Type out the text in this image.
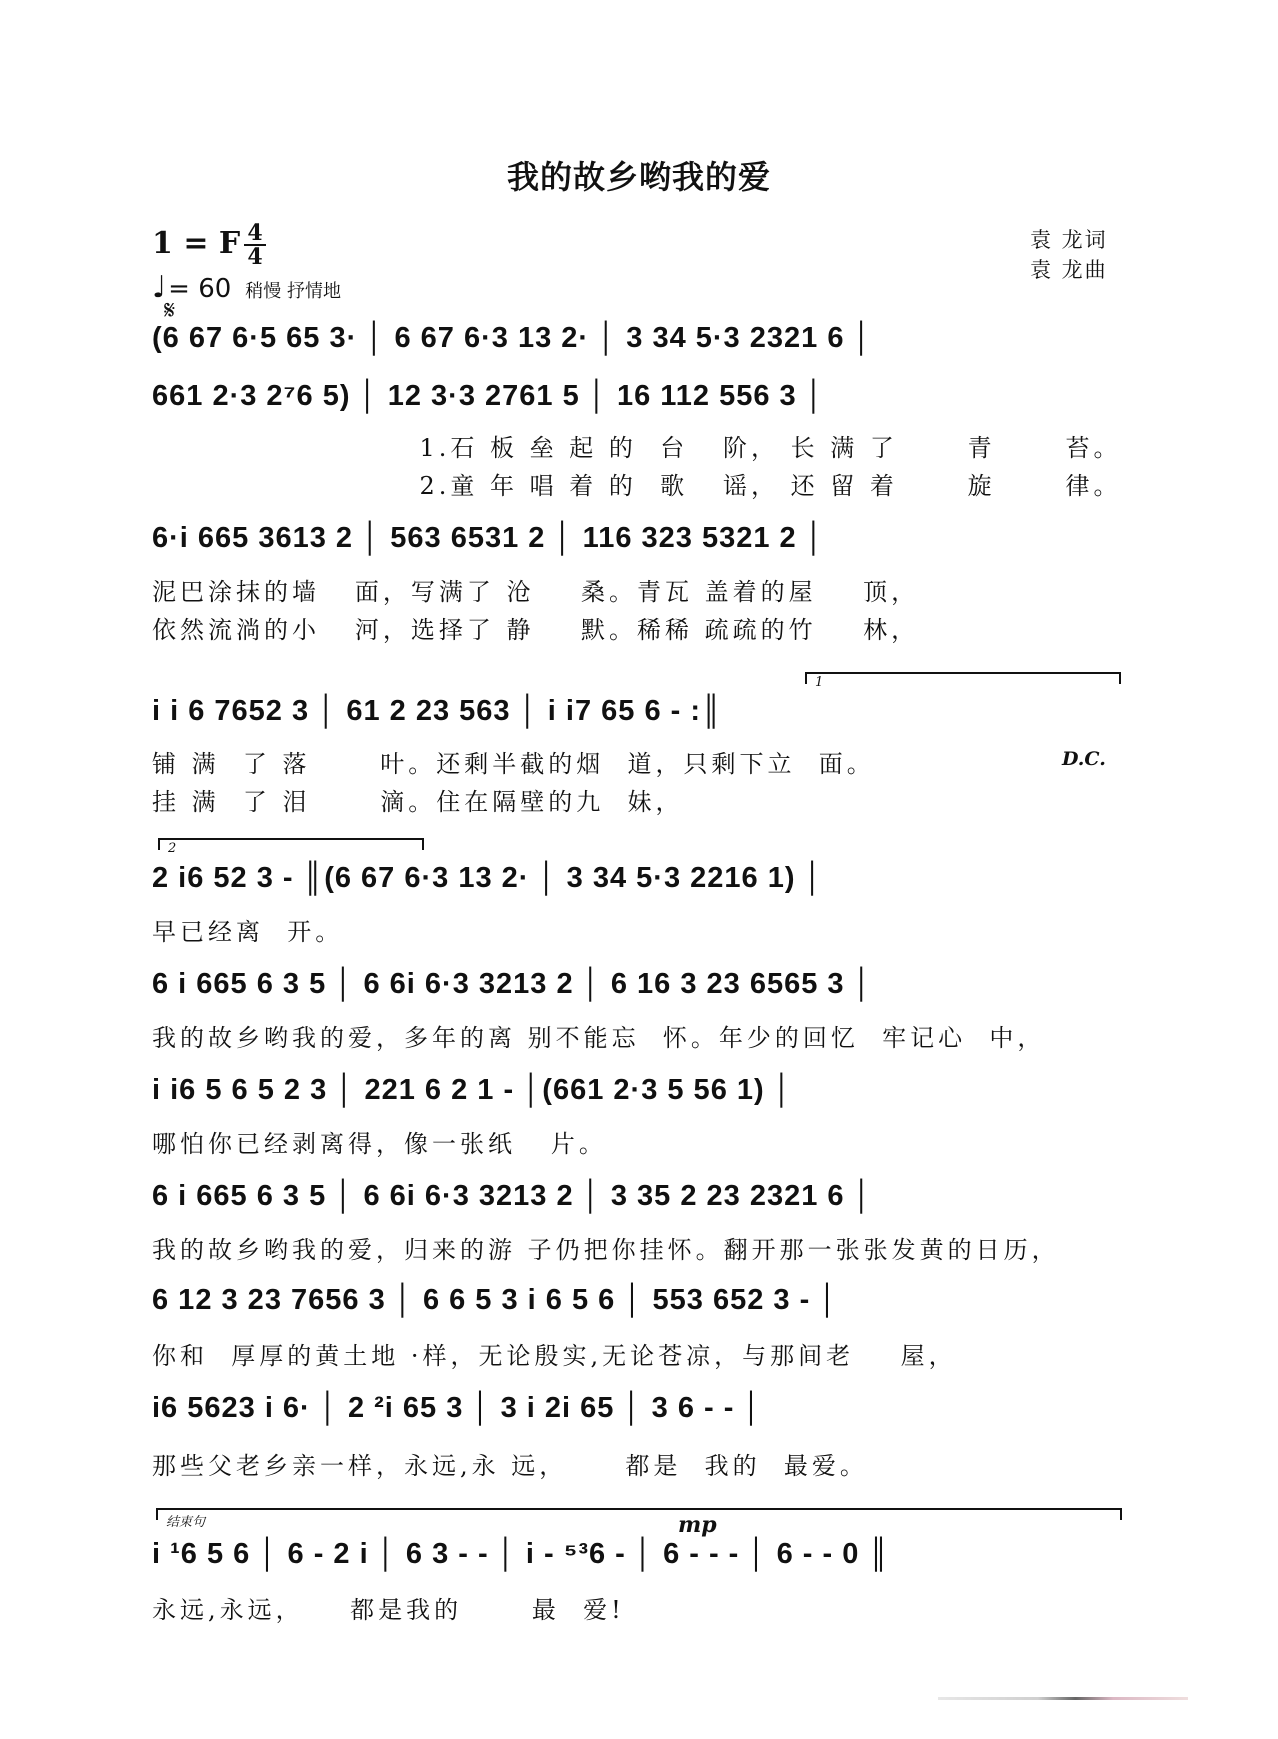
我的故乡哟我的爱
1 = F $\frac{4}{4}$
♩ = 60 稍慢 抒情地
𝄋
袁 龙词
袁 龙曲
(6 67 6·5 65 3· │ 6 67 6·3 13 2· │ 3 34 5·3 2321 6 │
661 2·3 2⁷6 5) │ 12 3·3 2761 5 │ 16 112 556 3 │
1.石 板 垒 起 的  台   阶， 长 满 了      青      苔。
2.童 年 唱 着 的  歌   谣， 还 留 着      旋      律。
6·i 665 3613 2 │ 563 6531 2 │ 116 323 5321 2 │
泥巴涂抹的墙   面，写满了 沧    桑。青瓦 盖着的屋    顶，
依然流淌的小   河，选择了 静    默。稀稀 疏疏的竹    林，
1
i i 6 7652 3 │ 61 2 23 563 │ i i7 65 6 - :║
铺 满  了 落      叶。还剩半截的烟  道，只剩下立  面。	D.C.
挂 满  了 泪      滴。住在隔壁的九  妹，
2
2 i6 52 3 - ║(6 67 6·3 13 2· │ 3 34 5·3 2216 1) │
早已经离  开。
6 i 665 6 3 5 │ 6 6i 6·3 3213 2 │ 6 16 3 23 6565 3 │
我的故乡哟我的爱，多年的离 别不能忘  怀。年少的回忆  牢记心  中，
i i6 5 6 5 2 3 │ 221 6 2 1 - │(661 2·3 5 56 1) │
哪怕你已经剥离得，像一张纸   片。
6 i 665 6 3 5 │ 6 6i 6·3 3213 2 │ 3 35 2 23 2321 6 │
我的故乡哟我的爱，归来的游 子仍把你挂怀。翻开那一张张发黄的日历，
6 12 3 23 7656 3 │ 6 6 5 3 i 6 5 6 │ 553 652 3 - │
你和  厚厚的黄土地 ·样，无论殷实,无论苍凉，与那间老    屋，
i6 5623 i 6· │ 2 ²i 65 3 │ 3 i 2i 65 │ 3 6 - - │
那些父老乡亲一样，永远,永 远，     都是  我的  最爱。
结束句	mp
i ¹6 5 6 │ 6 - 2 i │ 6 3 - - │ i - ⁵³6 - │ 6 - - - │ 6 - - 0 ║
永远,永远，    都是我的      最  爱!
